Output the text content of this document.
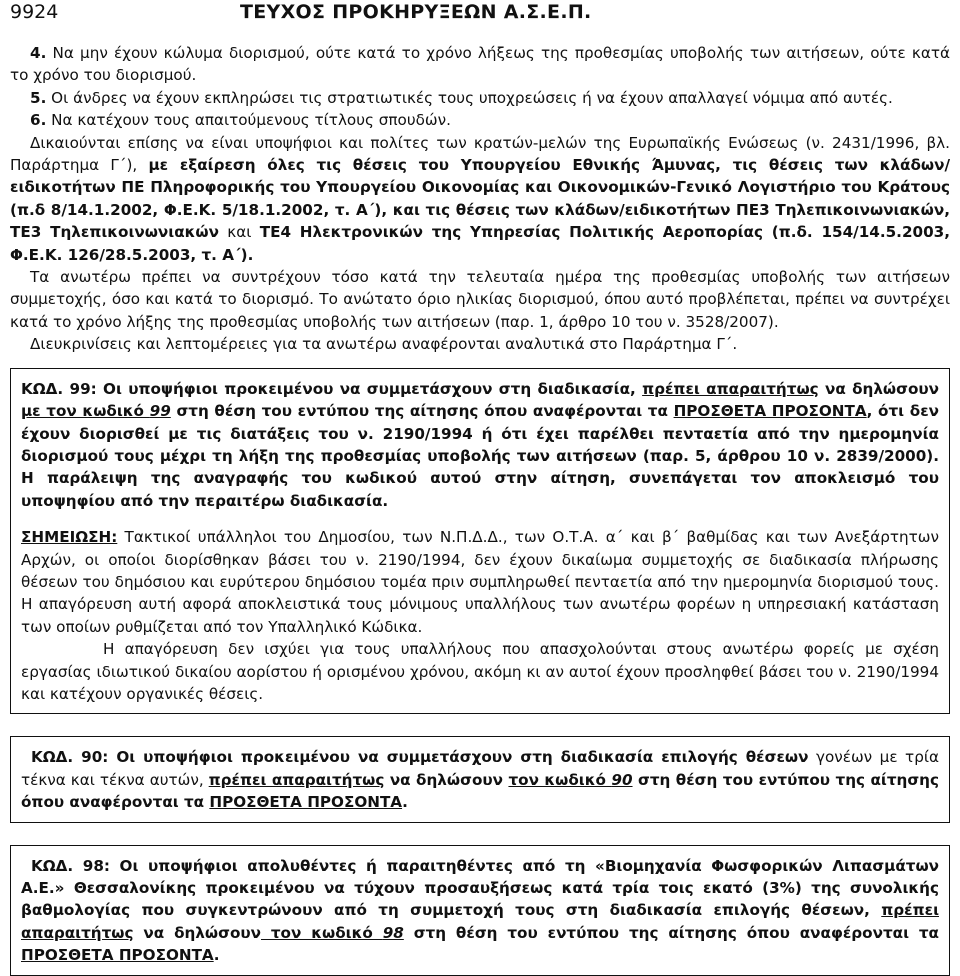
9924	ΤΕΥΧΟΣ ΠΡΟΚΗΡΥΞΕΩΝ Α.Σ.Ε.Π.

4. Να μην έχουν κώλυμα διορισμού, ούτε κατά το χρόνο λήξεως της προθεσμίας υποβολής των αιτήσεων, ούτε κατά το χρόνο του διορισμού.

5. Οι άνδρες να έχουν εκπληρώσει τις στρατιωτικές τους υποχρεώσεις ή να έχουν απαλλαγεί νόμιμα από αυτές.

6. Να κατέχουν τους απαιτούμενους τίτλους σπουδών.

Δικαιούνται επίσης να είναι υποψήφιοι και πολίτες των κρατών-μελών της Ευρωπαϊκής Ενώσεως (ν. 2431/1996, βλ. Παράρτημα Γ΄), με εξαίρεση όλες τις θέσεις του Υπουργείου Εθνικής Άμυνας, τις θέσεις των κλάδων/ειδικοτήτων ΠΕ Πληροφορικής του Υπουργείου Οικονομίας και Οικονομικών-Γενικό Λογιστήριο του Κράτους (π.δ 8/14.1.2002, Φ.Ε.Κ. 5/18.1.2002, τ. Α΄), και τις θέσεις των κλάδων/ειδικοτήτων ΠΕ3 Τηλεπικοινωνιακών, ΤΕ3 Τηλεπικοινωνιακών και ΤΕ4 Ηλεκτρονικών της Υπηρεσίας Πολιτικής Αεροπορίας (π.δ. 154/14.5.2003, Φ.Ε.Κ. 126/28.5.2003, τ. Α΄).

Τα ανωτέρω πρέπει να συντρέχουν τόσο κατά την τελευταία ημέρα της προθεσμίας υποβολής των αιτήσεων συμμετοχής, όσο και κατά το διορισμό. Το ανώτατο όριο ηλικίας διορισμού, όπου αυτό προβλέπεται, πρέπει να συντρέχει κατά το χρόνο λήξης της προθεσμίας υποβολής των αιτήσεων (παρ. 1, άρθρο 10 του ν. 3528/2007).

Διευκρινίσεις και λεπτομέρειες για τα ανωτέρω αναφέρονται αναλυτικά στο Παράρτημα Γ΄.

ΚΩΔ. 99: Οι υποψήφιοι προκειμένου να συμμετάσχουν στη διαδικασία, πρέπει απαραιτήτως να δηλώσουν με τον κωδικό 99 στη θέση του εντύπου της αίτησης όπου αναφέρονται τα ΠΡΟΣΘΕΤΑ ΠΡΟΣΟΝΤΑ, ότι δεν έχουν διορισθεί με τις διατάξεις του ν. 2190/1994 ή ότι έχει παρέλθει πενταετία από την ημερομηνία διορισμού τους μέχρι τη λήξη της προθεσμίας υποβολής των αιτήσεων (παρ. 5, άρθρου 10 ν. 2839/2000). Η παράλειψη της αναγραφής του κωδικού αυτού στην αίτηση, συνεπάγεται τον αποκλεισμό του υποψηφίου από την περαιτέρω διαδικασία.

ΣΗΜΕΙΩΣΗ: Τακτικοί υπάλληλοι του Δημοσίου, των Ν.Π.Δ.Δ., των Ο.Τ.Α. α΄ και β΄ βαθμίδας και των Ανεξάρτητων Αρχών, οι οποίοι διορίσθηκαν βάσει του ν. 2190/1994, δεν έχουν δικαίωμα συμμετοχής σε διαδικασία πλήρωσης θέσεων του δημόσιου και ευρύτερου δημόσιου τομέα πριν συμπληρωθεί πενταετία από την ημερομηνία διορισμού τους. Η απαγόρευση αυτή αφορά αποκλειστικά τους μόνιμους υπαλλήλους των ανωτέρω φορέων η υπηρεσιακή κατάσταση των οποίων ρυθμίζεται από τον Υπαλληλικό Κώδικα.

Η απαγόρευση δεν ισχύει για τους υπαλλήλους που απασχολούνται στους ανωτέρω φορείς με σχέση εργασίας ιδιωτικού δικαίου αορίστου ή ορισμένου χρόνου, ακόμη κι αν αυτοί έχουν προσληφθεί βάσει του ν. 2190/1994 και κατέχουν οργανικές θέσεις.

ΚΩΔ. 90: Οι υποψήφιοι προκειμένου να συμμετάσχουν στη διαδικασία επιλογής θέσεων γονέων με τρία τέκνα και τέκνα αυτών, πρέπει απαραιτήτως να δηλώσουν τον κωδικό 90 στη θέση του εντύπου της αίτησης όπου αναφέρονται τα ΠΡΟΣΘΕΤΑ ΠΡΟΣΟΝΤΑ.

ΚΩΔ. 98: Οι υποψήφιοι απολυθέντες ή παραιτηθέντες από τη «Βιομηχανία Φωσφορικών Λιπασμάτων Α.Ε.» Θεσσαλονίκης προκειμένου να τύχουν προσαυξήσεως κατά τρία τοις εκατό (3%) της συνολικής βαθμολογίας που συγκεντρώνουν από τη συμμετοχή τους στη διαδικασία επιλογής θέσεων, πρέπει απαραιτήτως να δηλώσουν τον κωδικό 98 στη θέση του εντύπου της αίτησης όπου αναφέρονται τα ΠΡΟΣΘΕΤΑ ΠΡΟΣΟΝΤΑ.
